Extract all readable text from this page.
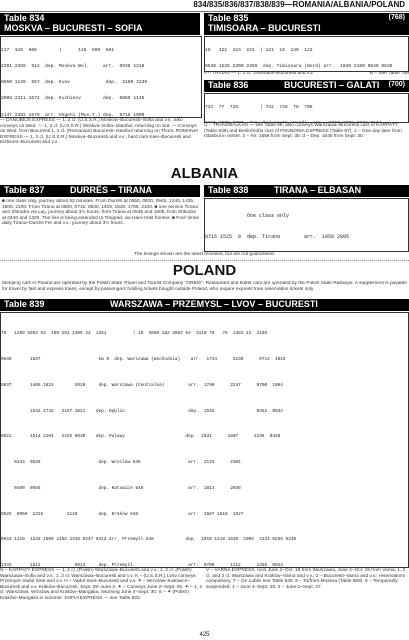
834/835/836/837/838/839—ROMANIA/ALBANIA/POLAND
Table 834
MOSKVA – BUCURESTI – SOFIA

117  115  606        |      116  605  561

2201 2359  812  dep. Moskva Bel.     arr.  0935 1218

0650 1139  657  dep. Kiev             dep.  2100 2239

2008 2211 1572  dep. Kishinev        dep.  0859 1145

2147 2352 1679  arr. Ungeni (Mos.T.) dep.  0716 1000

— DANUBIUS EXPRESS — 1, 2 cl. (U.S.S.R.) Moskva–Bucuresti–Sofia and v.v.; also conveys on Wed. — 1, 2 cl. (U.S.S.R.) Moskva–Sofia–Istanbul, returning on Sat. — Conveys on Wed. from Bucuresti 1, 2 cl. (Romanian) Bucuresti–Istanbul returning on Thurs. ROMANIA EXPRESS — 1, 2 cl. (U.S.S.R.) Moskva–Bucuresti and v.v.; hard cars Kiev–Bucuresti and Kishinev–Bucuresti and v.v.
Table 835
TIMISOARA – BUCURESTI
(768)

16   122  124  241  | 121  15  240  123

0630 1525 2200 2359  dep. Timisoara (Nord) arr.  1040 2100 0640 0635

A – TRAIAN — 1, 2 cl. Timisoara–Bucuresti and v.v.	B – See Table 766
Table 836	BUCURESTI – GALATI (700)

721  77  725        | 722  726  78  706

U – TRANSBALKAN — see Table 88; also conveys Warszawa–Bucuresti cars of KARPATY (Table 839) and Berlin/Sofia cars of PANNONIA EXPRESS (Table 87). 1 – One day later from Istanbul in winter. 2 – Arr. 1658 from Sept. 30. d – Dep. 1645 from Sept. 30.
ALBANIA
Table 837	DURRËS – TIRANA
■ one class only, journey about 52 minutes. From Durrës at 0550, 0820, 0945, 1240, 1435, 1800, 2100. From Tirana at 0600, 0715, 0830, 1405, 1530, 1755, 2100. ■ one service Tirana and Shkodra via Laç, journey about 3½ hours, from Tirana at 0545 and 1605, from Shkodra at 0440 and 1320. The line is being extended to Titograd, via Hani-Hotit frontier. ■ Four times daily Tirana–Durrës Fer and v.v.; journey about 3½ hours.
Table 838	TIRANA – ELBASAN

One class only

0715 1525  0  dep. Tirana        arr.  1050 2005

The timings shown are the latest received, but are not guaranteed.
POLAND
Sleeping cars in Poland are operated by the Polish State Travel and Tourist Company "ORBIS". Restaurant and buffet cars are operated by the Polish State Railways. A supplement is payable for travel by fast and express trains, except by passengers holding tickets bought outside Poland, who require express train reservation tickets only.
Table 839	WARSZAWA – PRZEMYSL – LVOV – BUCURESTI

75   1209 8363 63  409 281 1305 23  1281          | 18  3608 282 3802 64  3110 76   76  1382 12  2106

0640       1637                      km 0  dep. Warszawa (Wschodnia)    arr.  1744      2230      0714  1024

0837       1405 1815        2010     dep. Warszawa (Centralna)         arr.  1700      2247      0700  1004

1542 1742   2157 1021    dep. Dęblin                        dep.  1545                0452  0832

0921       1514 2104   2325 0630    dep. Pulawy                       dep.  1031      1607      2236  0329

0443  0528                      dep. Wroclaw 848                  arr.  2133      2301

0400  0655                      dep. Katowice 848                 arr.  1814      2038

0525  0950  1315         2110        dep. Kraków 848                   arr.  1587 1616  1927

0943 1410  1242 1900 2156 2348 0247 0413 arr. Przemyśl 848            dep.  1010 1218 1620  1005  2234 0255 0240

1333       1612             0613     dep. Przemyśl                     arr.  0700      1112      1456  0024

N – KARPATY EXPRESS — 1, 2 cl. (Polish) Warszawa–Bucuresti and v.v.; 1, 2 cl. (Polish) Warszawa–Sofia and v.v.; 1, 2 cl. Warszawa–Bucuresti and v.v. K – (U.S.S.R.) Lvov conveys Przemysl–Vadul Siret and v.v. H – Vadul Siret–Bucuresti and v.v. ✦ – Wroclaw–Katowice–Bucuresti and v.v. Kraków–Bucuresti, Sept. 29–June 2. ✦ – Conveys June 2–Sept. 29. ✦ – 1, 2 cl. Warszawa, Wroclaw and Kraków–Mangalia, returning June 4–Sept. 30. S – ✦ (Polish) Kraków–Mangalia in summer. SOFIA EXPRESS — see Table 833.
V – VARNA EXPRESS, runs June 2–Oct. 18 from Warszawa, June 4–Oct. 19 from Varna; 1, 2 cl. and 2 cl. Warszawa and Kraków–Varna and v.v.; 2 – Bucuresti–Varna and v.v.; reservations compulsory. T – On Lublin see Table 840. 8 – To/from Moskva (Table 869). 6 – Temporarily suspended. 1 – June 4–Sept. 29. 2 – June 2–Sept. 27.
425
